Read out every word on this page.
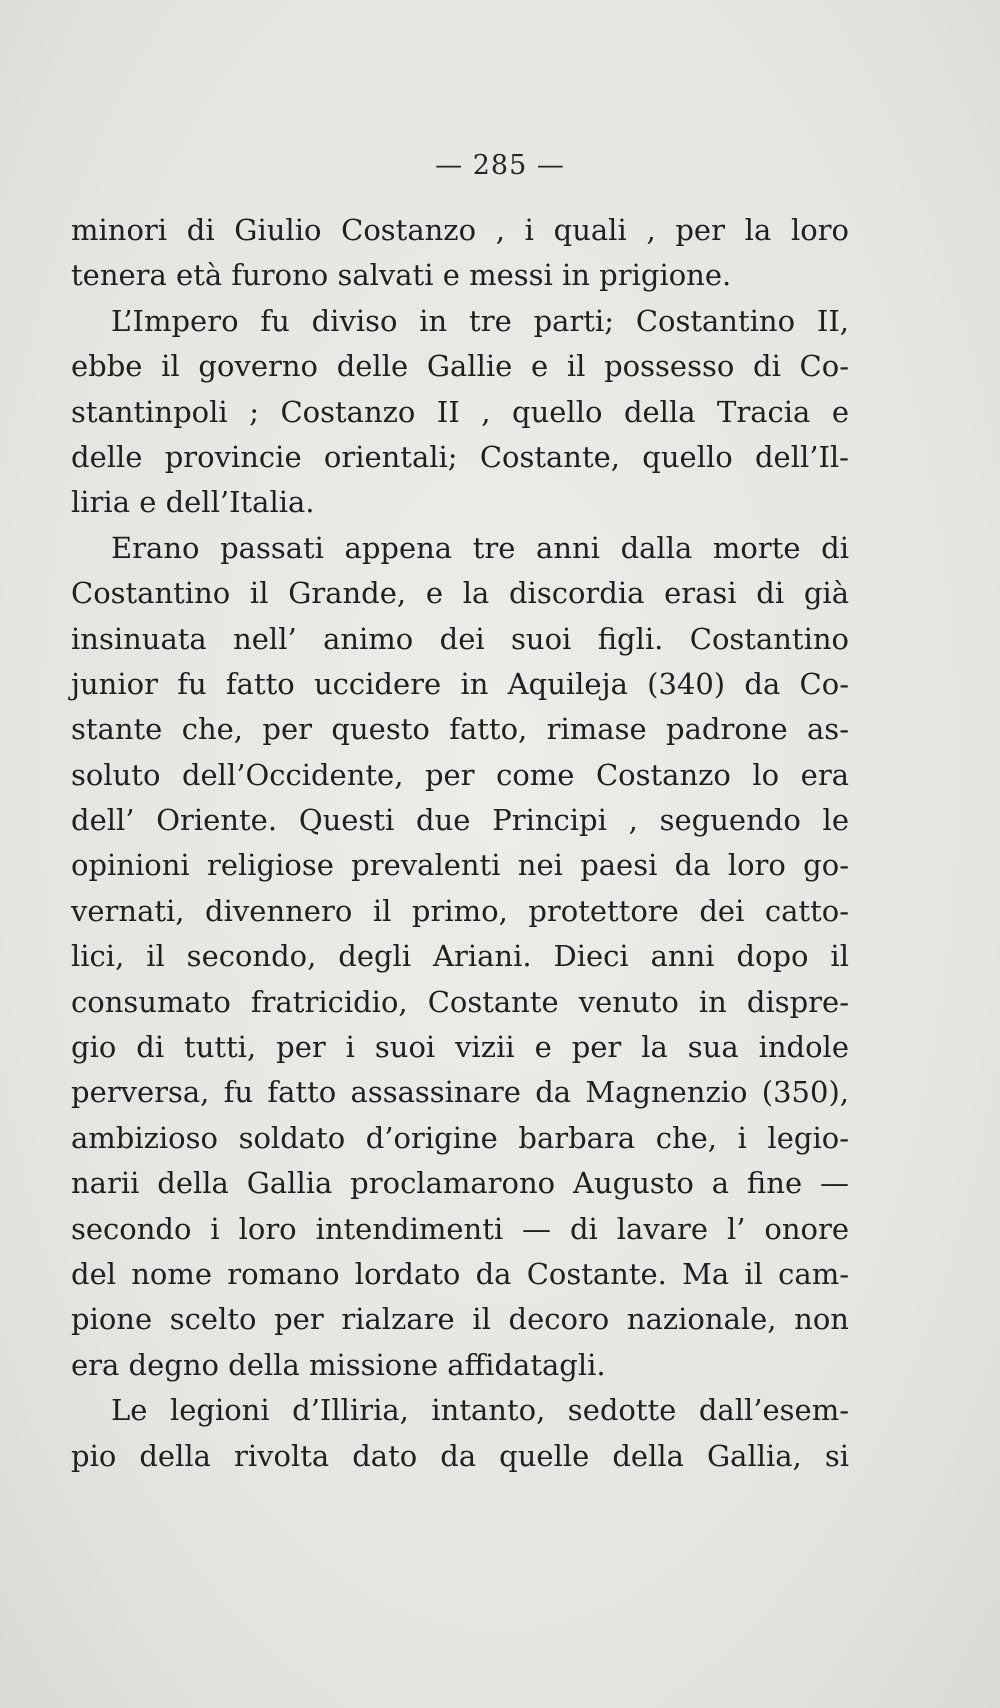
— 285 —

minori di Giulio Costanzo , i quali , per la loro
tenera età furono salvati e messi in prigione.
L’Impero fu diviso in tre parti; Costantino II,
ebbe il governo delle Gallie e il possesso di Co-
stantinpoli ; Costanzo II , quello della Tracia e
delle provincie orientali; Costante, quello dell’Il-
liria e dell’Italia.
Erano passati appena tre anni dalla morte di
Costantino il Grande, e la discordia erasi di già
insinuata nell’ animo dei suoi figli. Costantino
junior fu fatto uccidere in Aquileja (340) da Co-
stante che, per questo fatto, rimase padrone as-
soluto dell’Occidente, per come Costanzo lo era
dell’ Oriente. Questi due Principi , seguendo le
opinioni religiose prevalenti nei paesi da loro go-
vernati, divennero il primo, protettore dei catto-
lici, il secondo, degli Ariani. Dieci anni dopo il
consumato fratricidio, Costante venuto in dispre-
gio di tutti, per i suoi vizii e per la sua indole
perversa, fu fatto assassinare da Magnenzio (350),
ambizioso soldato d’origine barbara che, i legio-
narii della Gallia proclamarono Augusto a fine —
secondo i loro intendimenti — di lavare l’ onore
del nome romano lordato da Costante. Ma il cam-
pione scelto per rialzare il decoro nazionale, non
era degno della missione affidatagli.
Le legioni d’Illiria, intanto, sedotte dall’esem-
pio della rivolta dato da quelle della Gallia, si
